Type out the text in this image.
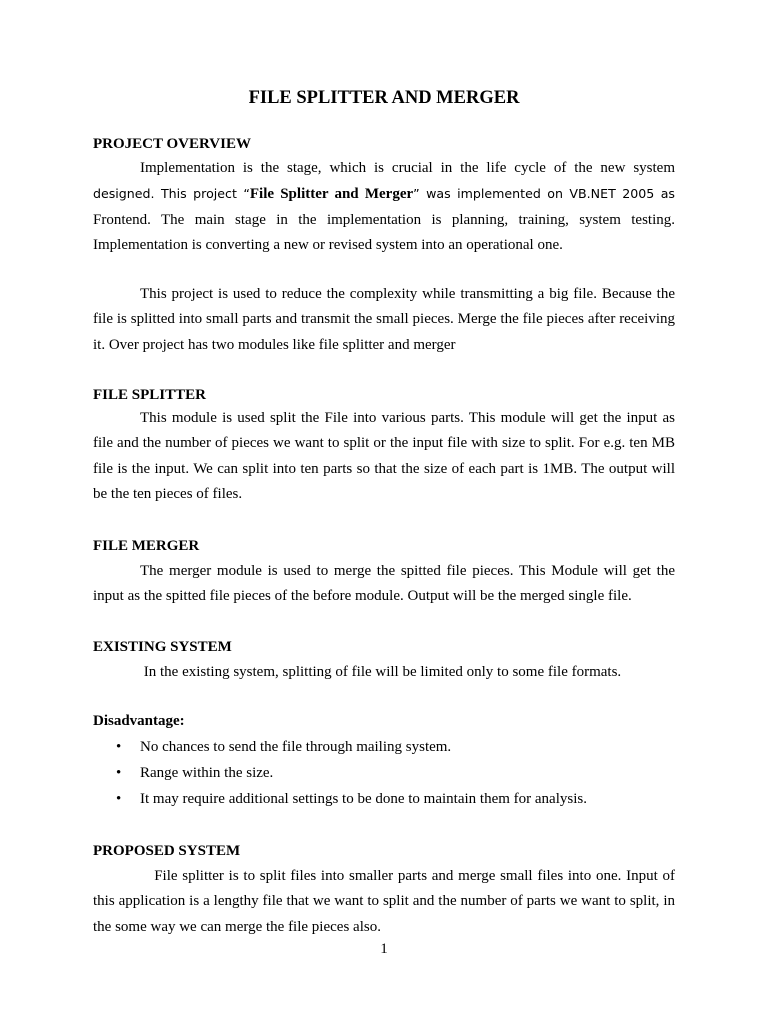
FILE SPLITTER AND MERGER
PROJECT OVERVIEW

Implementation is the stage, which is crucial in the life cycle of the new system designed. This project “File Splitter and Merger” was implemented on VB.NET 2005 as Frontend. The main stage in the implementation is planning, training, system testing. Implementation is converting a new or revised system into an operational one.

This project is used to reduce the complexity while transmitting a big file. Because the file is splitted into small parts and transmit the small pieces. Merge the file pieces after receiving it. Over project has two modules like file splitter and merger

FILE SPLITTER

This module is used split the File into various parts. This module will get the input as file and the number of pieces we want to split or the input file with size to split. For e.g. ten MB file is the input. We can split into ten parts so that the size of each part is 1MB. The output will be the ten pieces of files.

FILE MERGER

The merger module is used to merge the spitted file pieces. This Module will get the input as the spitted file pieces of the before module. Output will be the merged single file.

EXISTING SYSTEM

In the existing system, splitting of file will be limited only to some file formats.

Disadvantage:
• No chances to send the file through mailing system.
• Range within the size.
• It may require additional settings to be done to maintain them for analysis.
PROPOSED SYSTEM

File splitter is to split files into smaller parts and merge small files into one. Input of this application is a lengthy file that we want to split and the number of parts we want to split, in the some way we can merge the file pieces also.

1
